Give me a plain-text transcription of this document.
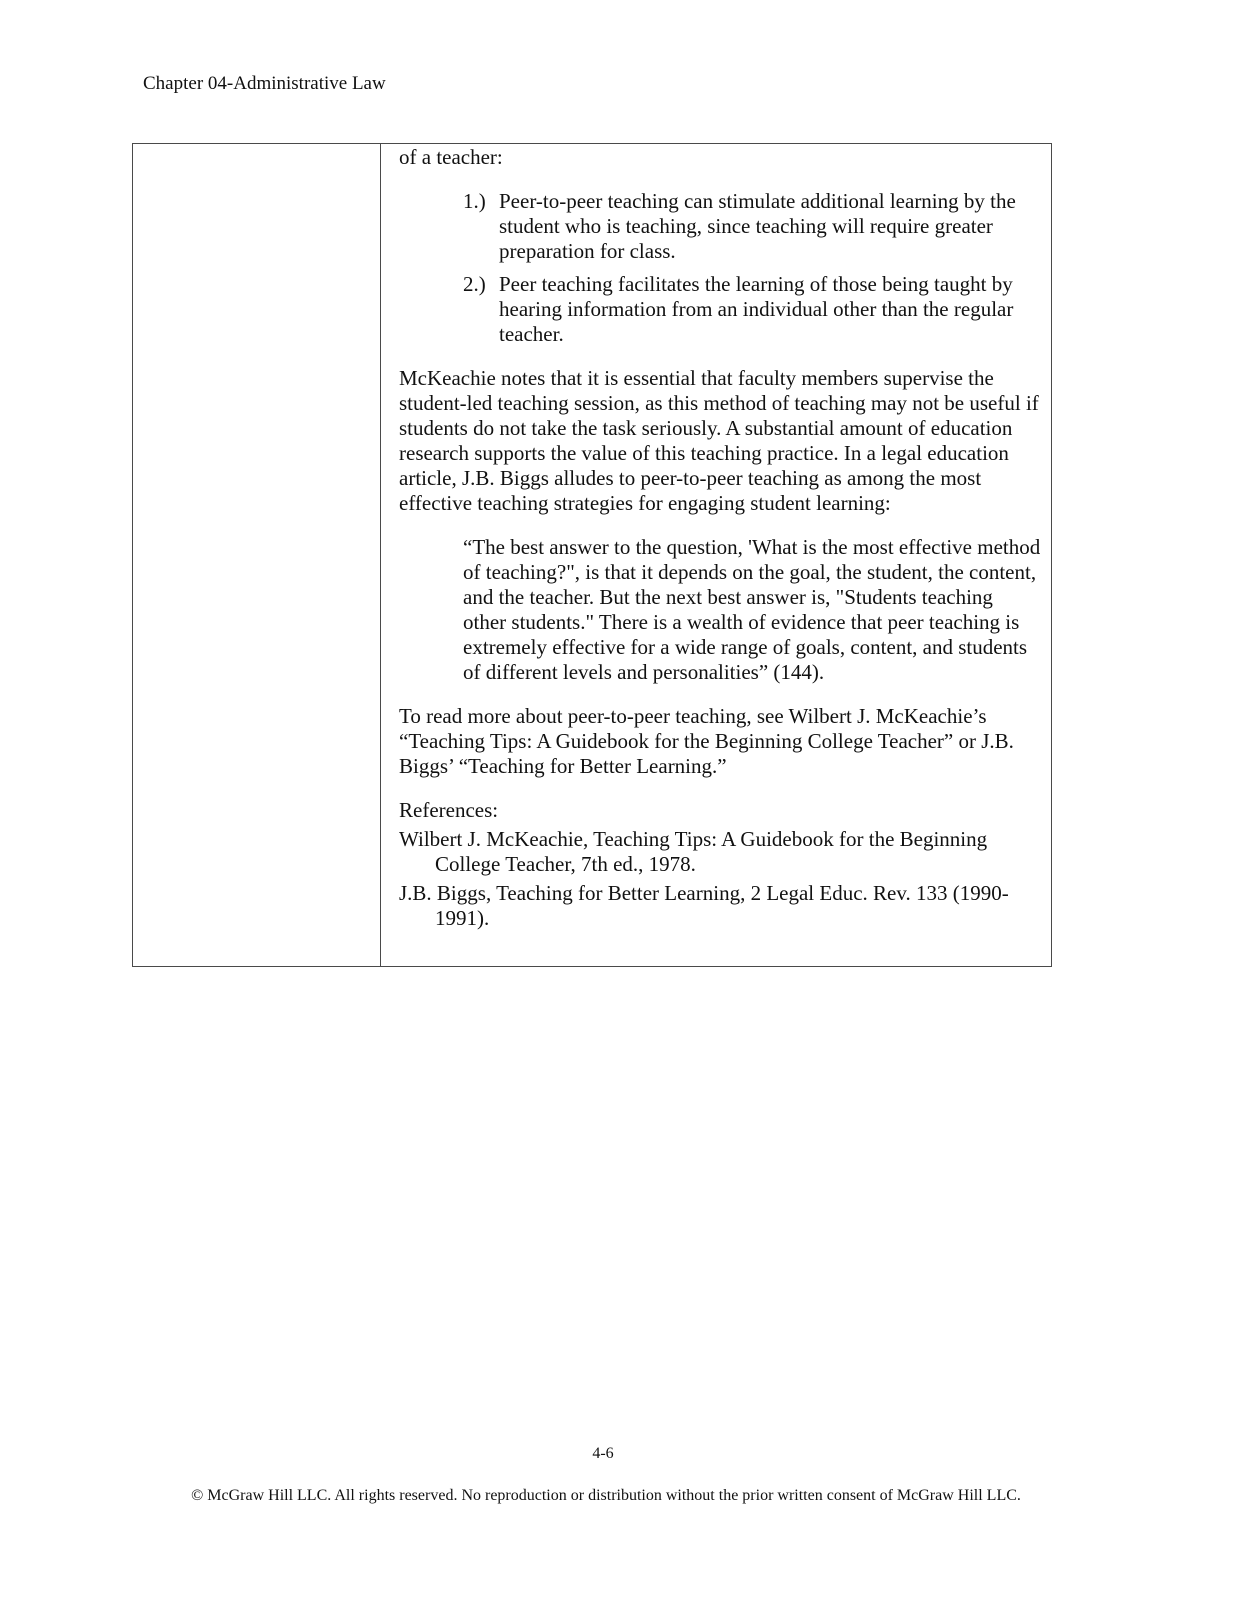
Chapter 04-Administrative Law

of a teacher:

1.) Peer-to-peer teaching can stimulate additional learning by the student who is teaching, since teaching will require greater preparation for class.
2.) Peer teaching facilitates the learning of those being taught by hearing information from an individual other than the regular teacher.

McKeachie notes that it is essential that faculty members supervise the student-led teaching session, as this method of teaching may not be useful if students do not take the task seriously. A substantial amount of education research supports the value of this teaching practice. In a legal education article, J.B. Biggs alludes to peer-to-peer teaching as among the most effective teaching strategies for engaging student learning:

“The best answer to the question, 'What is the most effective method of teaching?", is that it depends on the goal, the student, the content, and the teacher. But the next best answer is, "Students teaching other students." There is a wealth of evidence that peer teaching is extremely effective for a wide range of goals, content, and students of different levels and personalities” (144).

To read more about peer-to-peer teaching, see Wilbert J. McKeachie’s “Teaching Tips: A Guidebook for the Beginning College Teacher” or J.B. Biggs’ “Teaching for Better Learning.”

References:

Wilbert J. McKeachie, Teaching Tips: A Guidebook for the Beginning College Teacher, 7th ed., 1978.

J.B. Biggs, Teaching for Better Learning, 2 Legal Educ. Rev. 133 (1990-1991).

4-6
© McGraw Hill LLC. All rights reserved. No reproduction or distribution without the prior written consent of McGraw Hill LLC.
